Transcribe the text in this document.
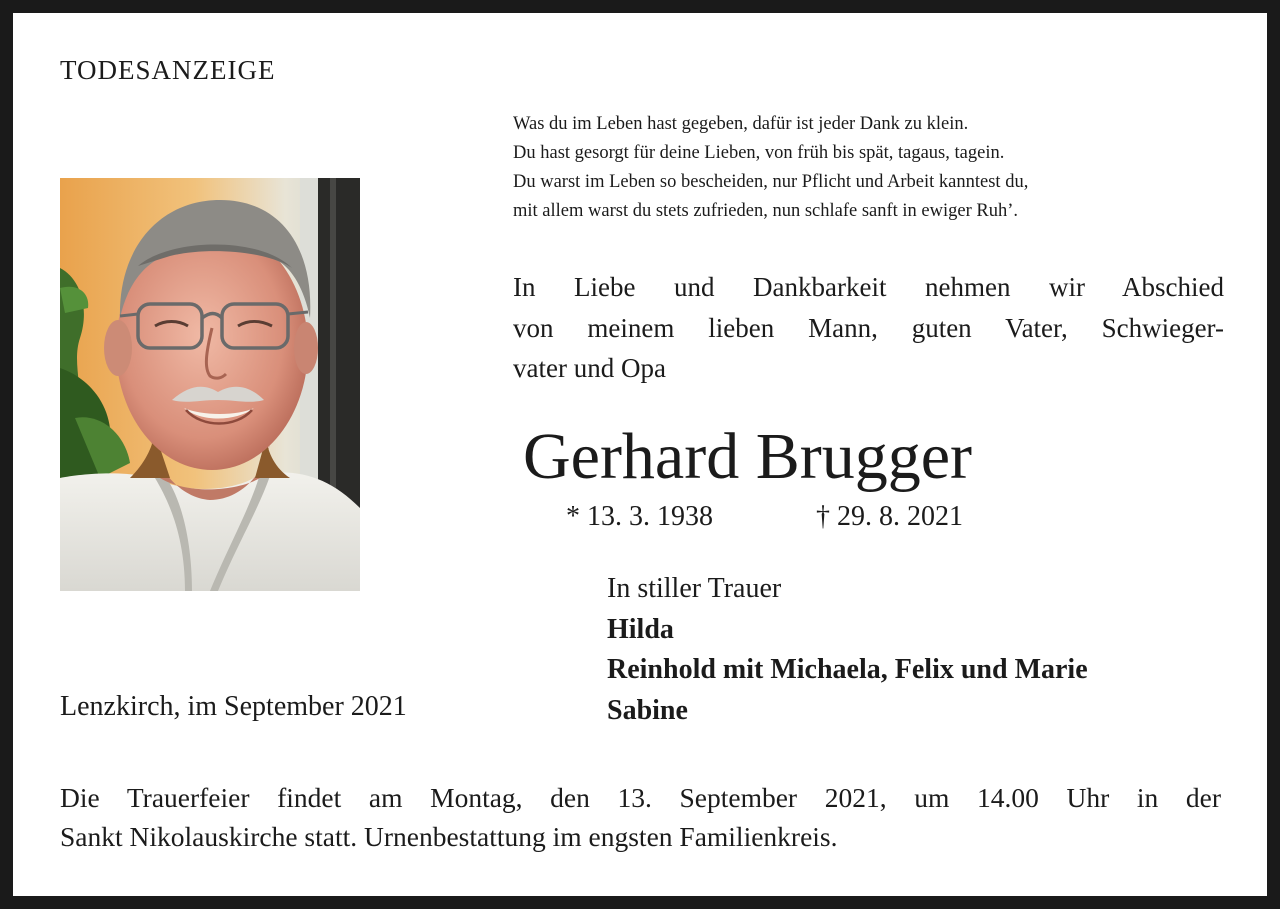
TODESANZEIGE
Was du im Leben hast gegeben, dafür ist jeder Dank zu klein.
Du hast gesorgt für deine Lieben, von früh bis spät, tagaus, tagein.
Du warst im Leben so bescheiden, nur Pflicht und Arbeit kanntest du,
mit allem warst du stets zufrieden, nun schlafe sanft in ewiger Ruh’.
In Liebe und Dankbarkeit nehmen wir Abschied
von meinem lieben Mann, guten Vater, Schwieger-
vater und Opa
Gerhard Brugger
* 13. 3. 1938	† 29. 8. 2021
In stiller Trauer
Hilda
Reinhold mit Michaela, Felix und Marie
Sabine
Lenzkirch, im September 2021
Die Trauerfeier findet am Montag, den 13. September 2021, um 14.00 Uhr in der
Sankt Nikolauskirche statt. Urnenbestattung im engsten Familienkreis.
